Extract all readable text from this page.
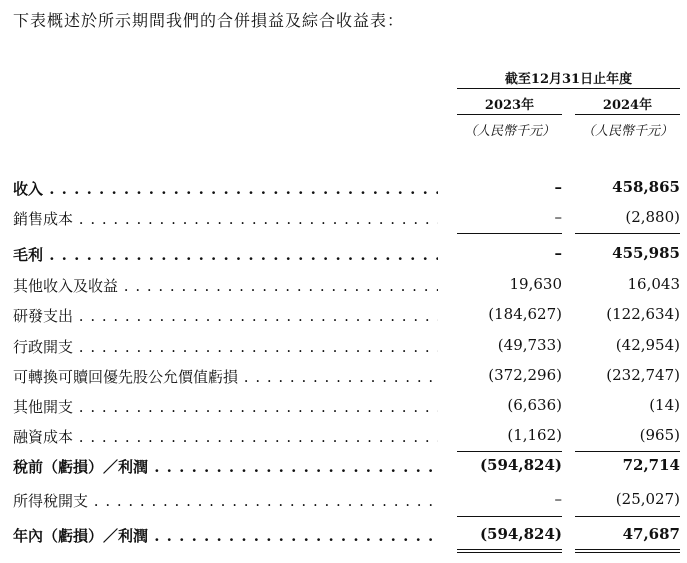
下表概述於所示期間我們的合併損益及綜合收益表：
截至12月31日止年度
2023年	2024年
（人民幣千元）	（人民幣千元）
收入 . . .	–	458,865
銷售成本 . . .	–	(2,880)
毛利 . . .	–	455,985
其他收入及收益 . . .	19,630	16,043
研發支出 . . .	(184,627)	(122,634)
行政開支 . . .	(49,733)	(42,954)
可轉換可贖回優先股公允價值虧損 . . .	(372,296)	(232,747)
其他開支 . . .	(6,636)	(14)
融資成本 . . .	(1,162)	(965)
稅前（虧損）／利潤 . . .	(594,824)	72,714
所得稅開支 . . .	–	(25,027)
年內（虧損）／利潤 . . .	(594,824)	47,687
